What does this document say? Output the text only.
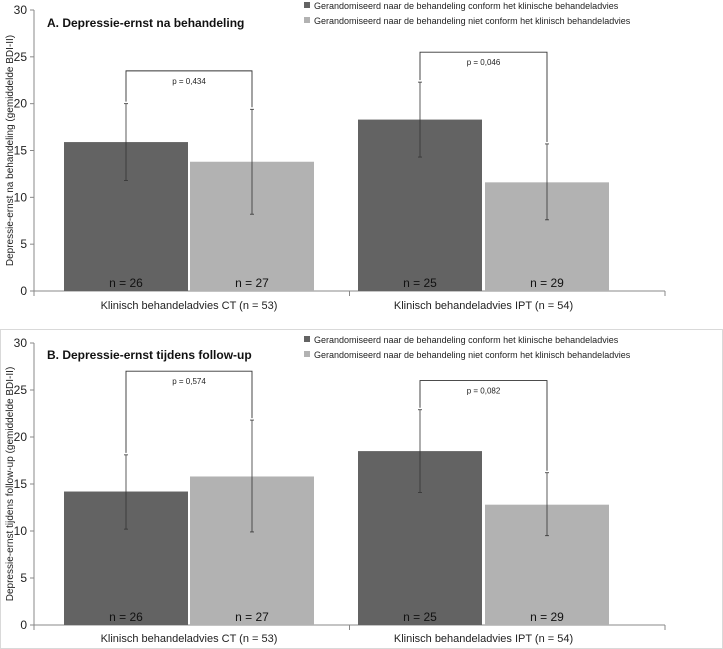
0
5
10
15
20
25
30
Depressie-ernst na behandeling (gemiddelde BDI-II)
A. Depressie-ernst na behandeling
Gerandomiseerd naar de behandeling conform het klinische behandeladvies
Gerandomiseerd naar de behandeling niet conform het klinisch behandeladvies
n = 26	n = 27
Klinisch behandeladvies CT (n = 53)
p = 0,434
n = 25	n = 29
Klinisch behandeladvies IPT (n = 54)
p = 0,046
0
5
10
15
20
25
30
Depressie-ernst tijdens follow-up (gemiddelde BDI-II)
B. Depressie-ernst tijdens follow-up
Gerandomiseerd naar de behandeling conform het klinische behandeladvies
Gerandomiseerd naar de behandeling niet conform het klinisch behandeladvies
n = 26	n = 27
Klinisch behandeladvies CT (n = 53)
p = 0,574
n = 25	n = 29
Klinisch behandeladvies IPT (n = 54)
p = 0,082
